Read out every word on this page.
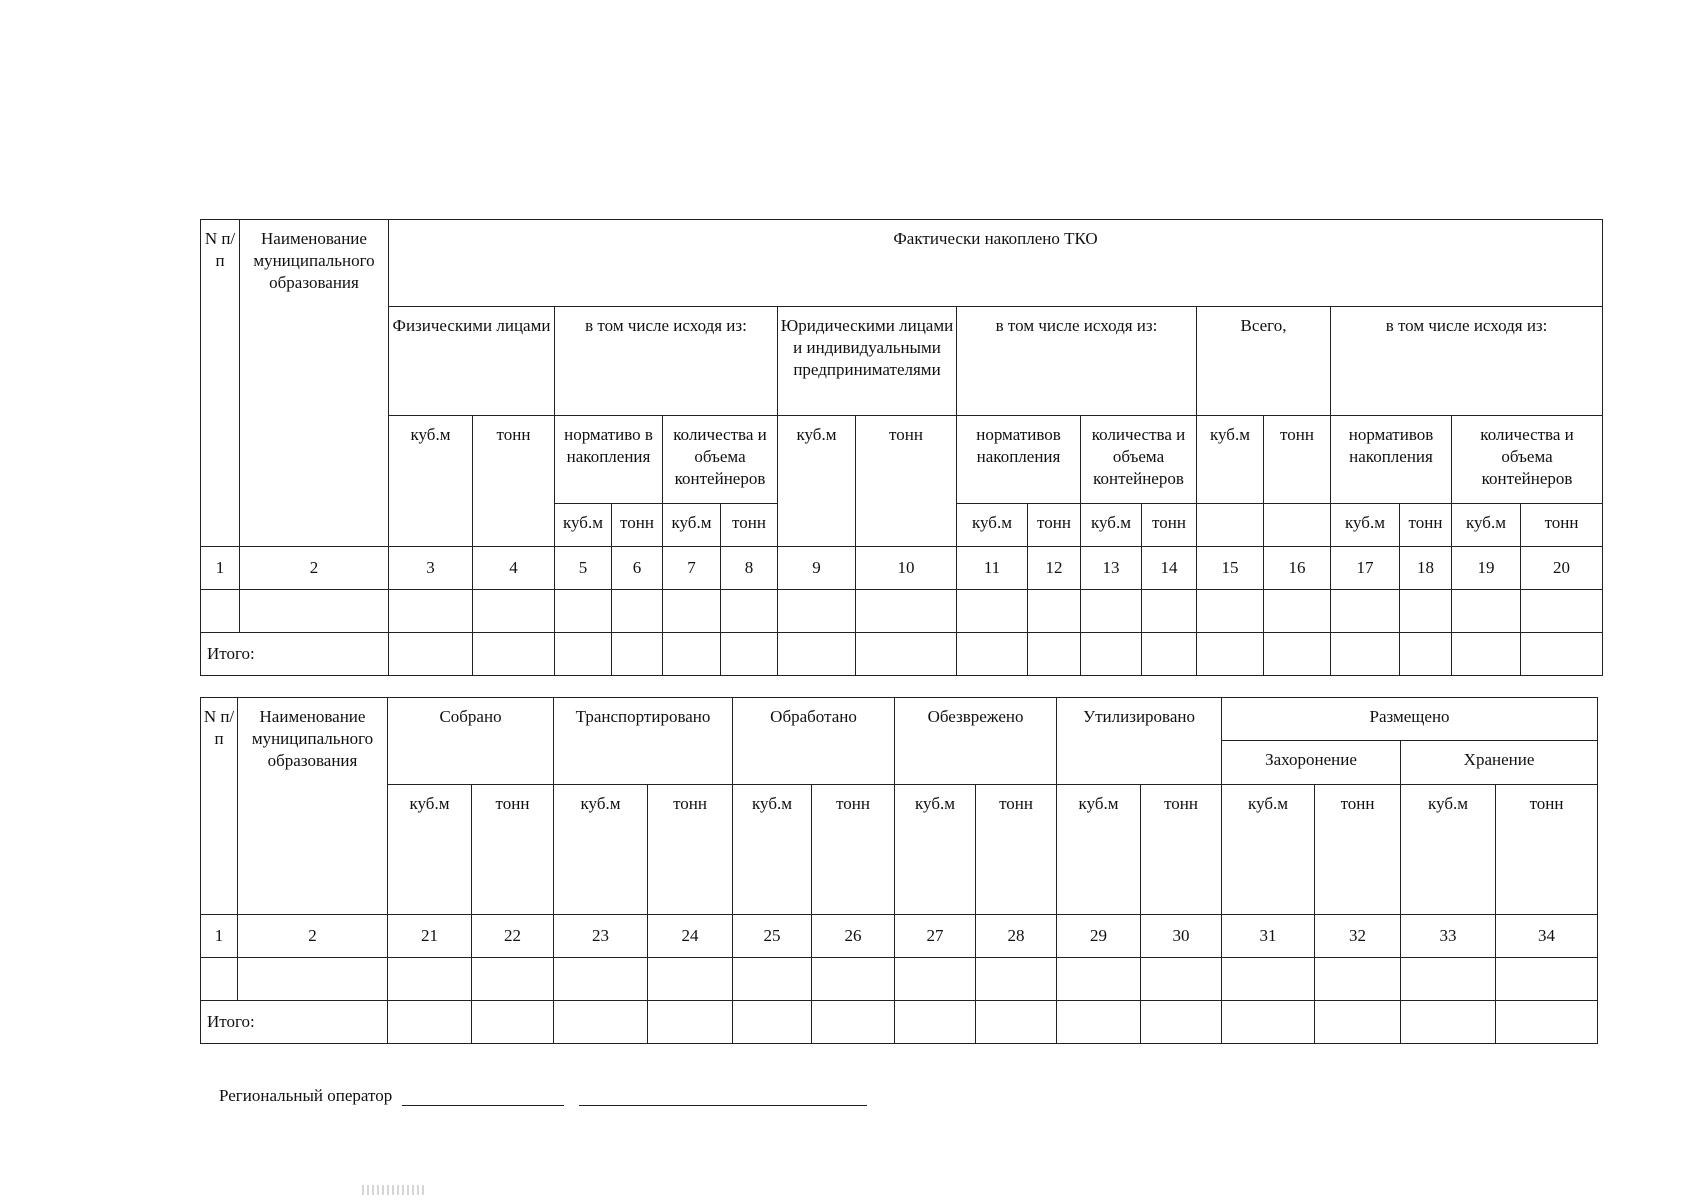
N п/п	Наименование муниципального образования	Фактически накоплено ТКО																	
		Физическими лицами		в том числе исходя из:				Юридическими лицами и индивидуальными предпринимателями		в том числе исходя из:				Всего,		в том числе исходя из:			
		куб.м	тонн	нормативо в накопления		количества и объема контейнеров		куб.м	тонн	нормативов накопления		количества и объема контейнеров		куб.м	тонн	нормативов накопления		количества и объема контейнеров	
				куб.м	тонн	куб.м	тонн			куб.м	тонн	куб.м	тонн			куб.м	тонн	куб.м	тонн
1	2	3	4	5	6	7	8	9	10	11	12	13	14	15	16	17	18	19	20

Итого:																			
N п/п	Наименование муниципального образования	Собрано		Транспортировано		Обработано		Обезврежено		Утилизировано		Размещено			
												Захоронение		Хранение	
		куб.м	тонн	куб.м	тонн	куб.м	тонн	куб.м	тонн	куб.м	тонн	куб.м	тонн	куб.м	тонн
1	2	21	22	23	24	25	26	27	28	29	30	31	32	33	34

Итого:															
Региональный оператор
